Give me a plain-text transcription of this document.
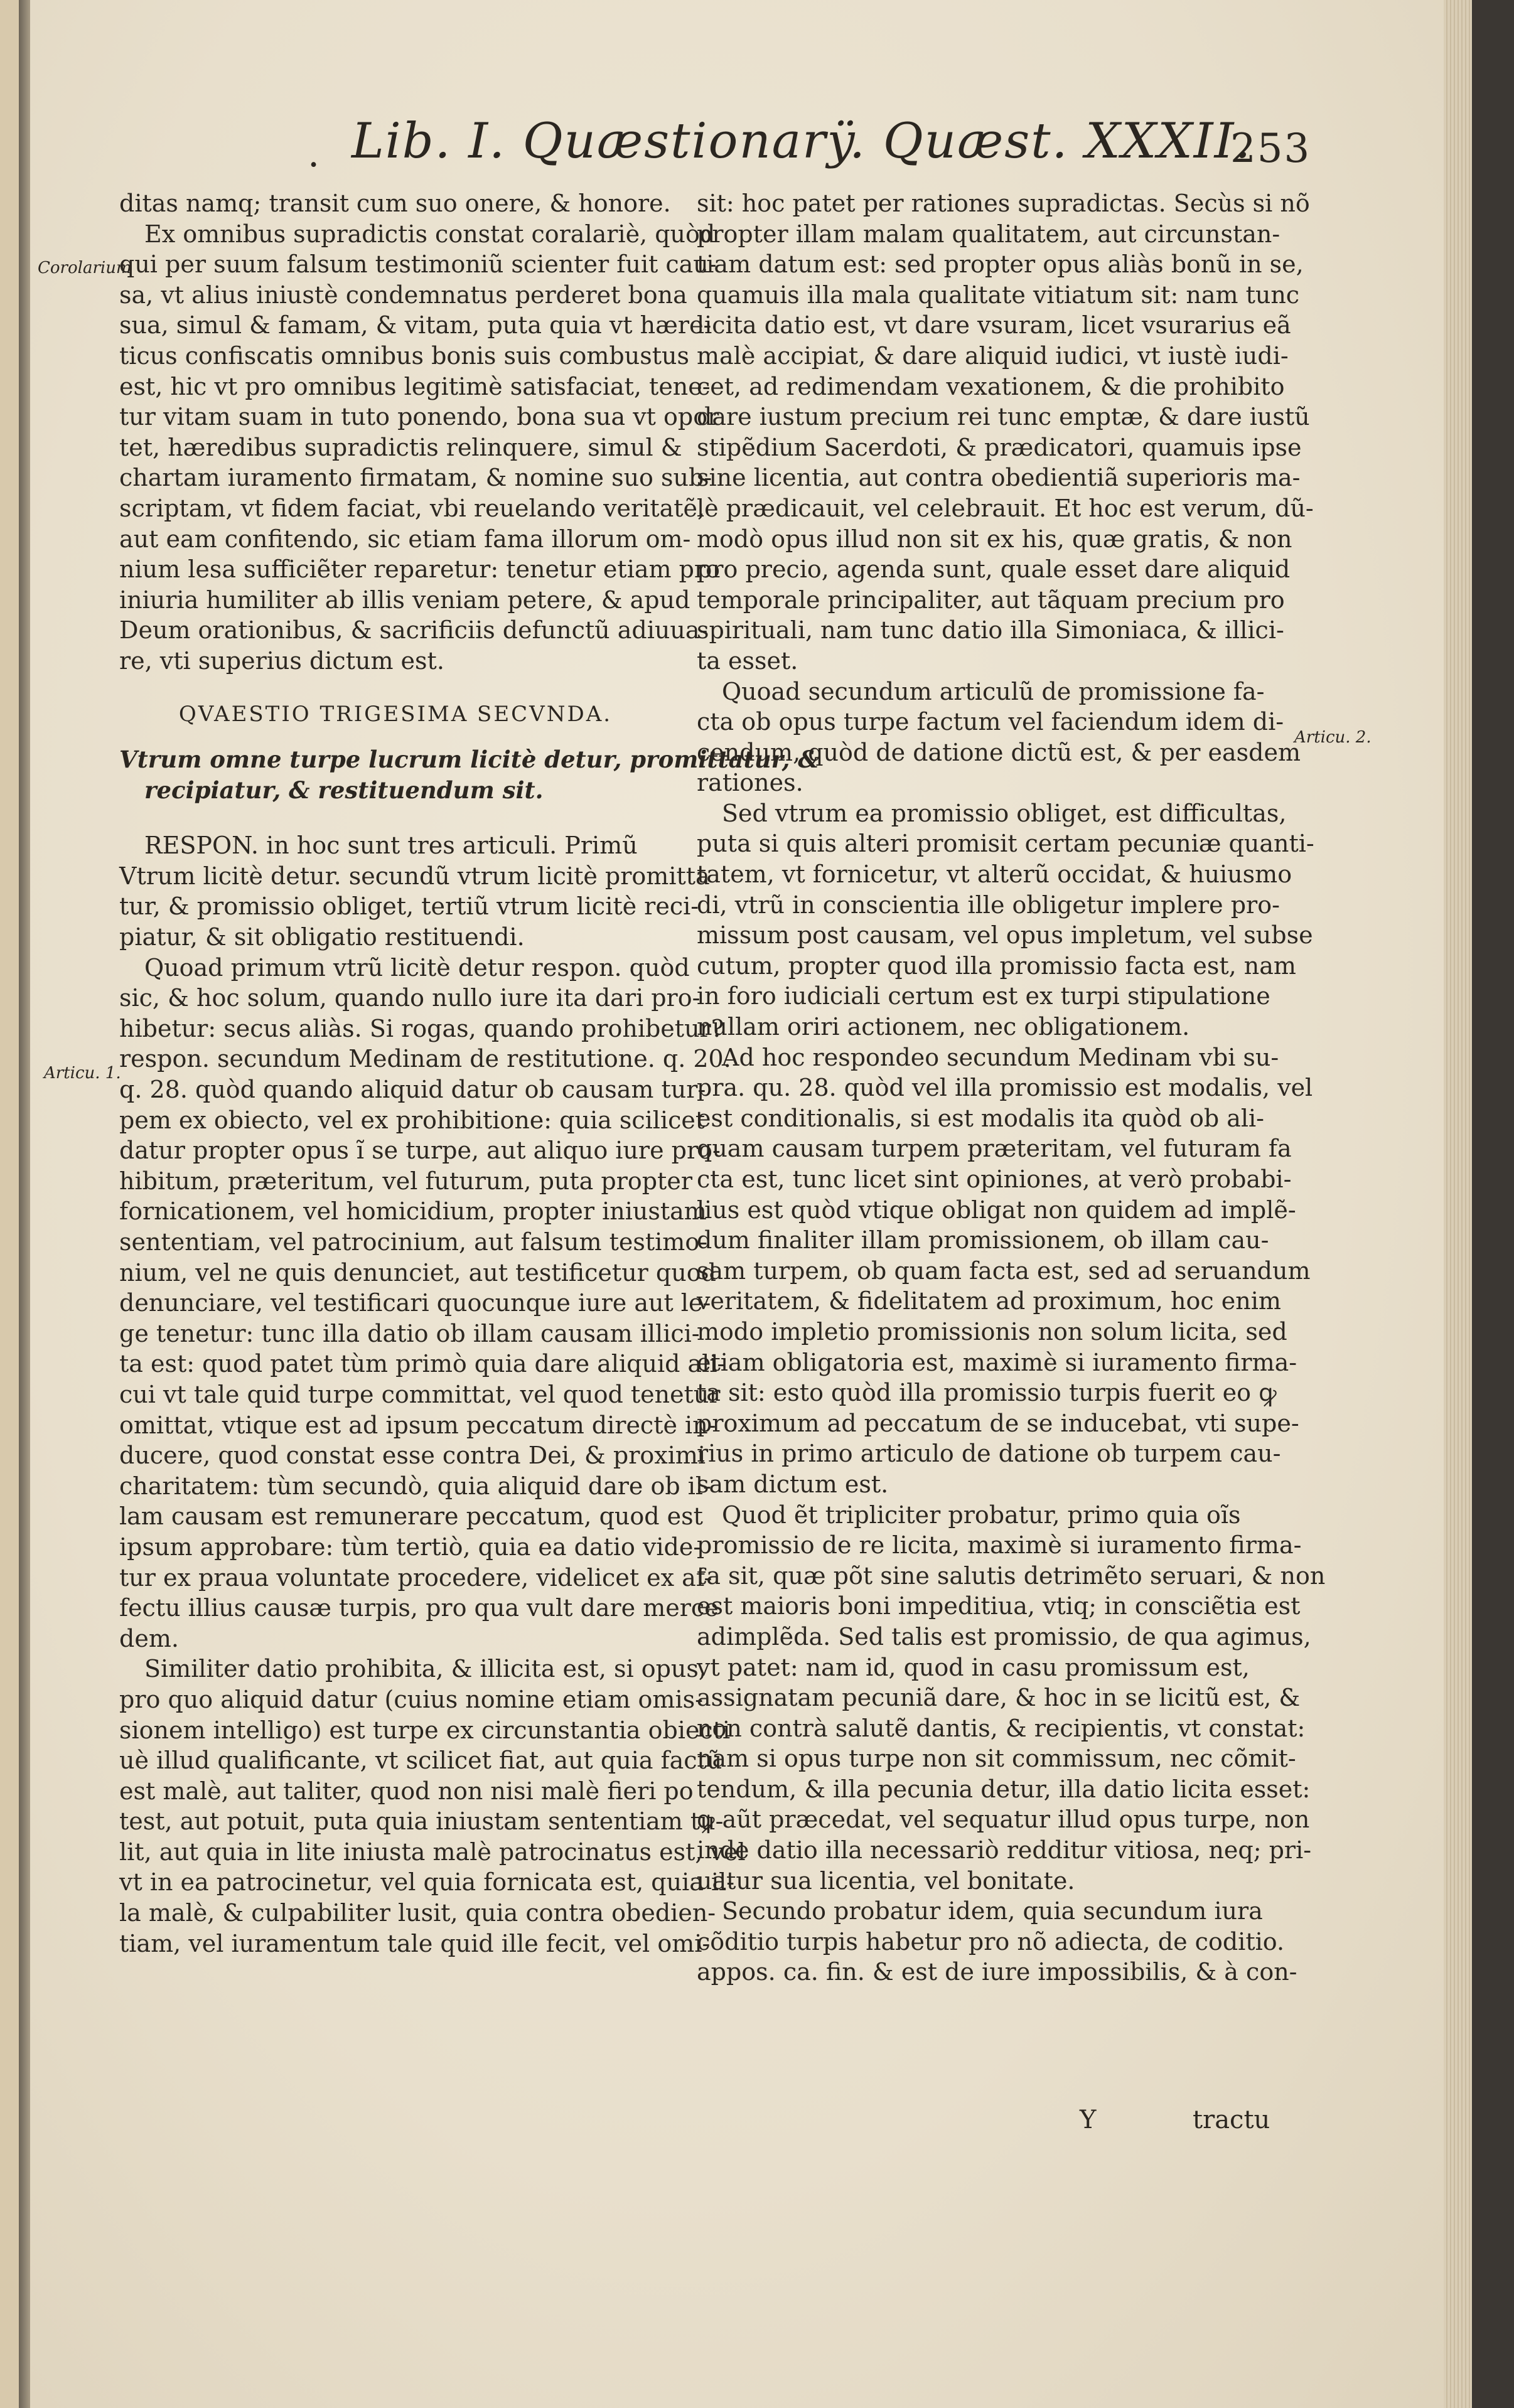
. Lib. I. Quæstionarÿ. Quæst. XXXII.
253
Corolarium
Articu. 1.
Articu. 2.
ditas namq; transit cum suo onere, & honore.
Ex omnibus supradictis constat coralariè, quòd
qui per suum falsum testimoniũ scienter fuit cau-
sa, vt alius iniustè condemnatus perderet bona
sua, simul & famam, & vitam, puta quia vt hære-
ticus confiscatis omnibus bonis suis combustus
est, hic vt pro omnibus legitimè satisfaciat, tene-
tur vitam suam in tuto ponendo, bona sua vt opor
tet, hæredibus supradictis relinquere, simul &
chartam iuramento firmatam, & nomine suo sub-
scriptam, vt fidem faciat, vbi reuelando veritatẽ,
aut eam confitendo, sic etiam fama illorum om-
nium lesa sufficiẽter reparetur: tenetur etiam pro
iniuria humiliter ab illis veniam petere, & apud
Deum orationibus, & sacrificiis defunctũ adiuua-
re, vti superius dictum est.
QVAESTIO TRIGESIMA SECVNDA.
Vtrum omne turpe lucrum licitè detur, promittatur, &
recipiatur, & restituendum sit.
RESPON. in hoc sunt tres articuli. Primũ
Vtrum licitè detur. secundũ vtrum licitè promitta
tur, & promissio obliget, tertiũ vtrum licitè reci-
piatur, & sit obligatio restituendi.
Quoad primum vtrũ licitè detur respon. quòd
sic, & hoc solum, quando nullo iure ita dari pro-
hibetur: secus aliàs. Si rogas, quando prohibetur?
respon. secundum Medinam de restitutione. q. 20.
q. 28. quòd quando aliquid datur ob causam tur-
pem ex obiecto, vel ex prohibitione: quia scilicet
datur propter opus ĩ se turpe, aut aliquo iure pro-
hibitum, præteritum, vel futurum, puta propter
fornicationem, vel homicidium, propter iniustam
sententiam, vel patrocinium, aut falsum testimo-
nium, vel ne quis denunciet, aut testificetur quod
denunciare, vel testificari quocunque iure aut le-
ge tenetur: tunc illa datio ob illam causam illici-
ta est: quod patet tùm primò quia dare aliquid ali-
cui vt tale quid turpe committat, vel quod tenetur
omittat, vtique est ad ipsum peccatum directè in-
ducere, quod constat esse contra Dei, & proximi
charitatem: tùm secundò, quia aliquid dare ob il-
lam causam est remunerare peccatum, quod est
ipsum approbare: tùm tertiò, quia ea datio vide-
tur ex praua voluntate procedere, videlicet ex af-
fectu illius causæ turpis, pro qua vult dare merce
dem.
Similiter datio prohibita, & illicita est, si opus,
pro quo aliquid datur (cuius nomine etiam omis-
sionem intelligo) est turpe ex circunstantia obiecti
uè illud qualificante, vt scilicet fiat, aut quia factũ
est malè, aut taliter, quod non nisi malè fieri po
test, aut potuit, puta quia iniustam sententiam tu-
lit, aut quia in lite iniusta malè patrocinatus est, vel
vt in ea patrocinetur, vel quia fornicata est, quia il-
la malè, & culpabiliter lusit, quia contra obedien-
tiam, vel iuramentum tale quid ille fecit, vel omi-
sit: hoc patet per rationes supradictas. Secùs si nõ
propter illam malam qualitatem, aut circunstan-
tiam datum est: sed propter opus aliàs bonũ in se,
quamuis illa mala qualitate vitiatum sit: nam tunc
licita datio est, vt dare vsuram, licet vsurarius eã
malè accipiat, & dare aliquid iudici, vt iustè iudi-
cet, ad redimendam vexationem, & die prohibito
dare iustum precium rei tunc emptæ, & dare iustũ
stipẽdium Sacerdoti, & prædicatori, quamuis ipse
sine licentia, aut contra obedientiã superioris ma-
lè prædicauit, vel celebrauit. Et hoc est verum, dũ-
modò opus illud non sit ex his, quæ gratis, & non
pro precio, agenda sunt, quale esset dare aliquid
temporale principaliter, aut tãquam precium pro
spirituali, nam tunc datio illa Simoniaca, & illici-
ta esset.
Quoad secundum articulũ de promissione fa-
cta ob opus turpe factum vel faciendum idem di-
cendum, quòd de datione dictũ est, & per easdem
rationes.
Sed vtrum ea promissio obliget, est difficultas,
puta si quis alteri promisit certam pecuniæ quanti-
tatem, vt fornicetur, vt alterũ occidat, & huiusmo
di, vtrũ in conscientia ille obligetur implere pro-
missum post causam, vel opus impletum, vel subse
cutum, propter quod illa promissio facta est, nam
in foro iudiciali certum est ex turpi stipulatione
nullam oriri actionem, nec obligationem.
Ad hoc respondeo secundum Medinam vbi su-
pra. qu. 28. quòd vel illa promissio est modalis, vel
est conditionalis, si est modalis ita quòd ob ali-
quam causam turpem præteritam, vel futuram fa
cta est, tunc licet sint opiniones, at verò probabi-
lius est quòd vtique obligat non quidem ad implẽ-
dum finaliter illam promissionem, ob illam cau-
sam turpem, ob quam facta est, sed ad seruandum
veritatem, & fidelitatem ad proximum, hoc enim
modo impletio promissionis non solum licita, sed
etiam obligatoria est, maximè si iuramento firma-
ta sit: esto quòd illa promissio turpis fuerit eo ꝙ
proximum ad peccatum de se inducebat, vti supe-
rius in primo articulo de datione ob turpem cau-
sam dictum est.
Quod ẽt tripliciter probatur, primo quia oĩs
promissio de re licita, maximè si iuramento firma-
ta sit, quæ põt sine salutis detrimẽto seruari, & non
est maioris boni impeditiua, vtiq; in consciẽtia est
adimplẽda. Sed talis est promissio, de qua agimus,
vt patet: nam id, quod in casu promissum est,
assignatam pecuniã dare, & hoc in se licitũ est, &
non contrà salutẽ dantis, & recipientis, vt constat:
nam si opus turpe non sit commissum, nec cõmit-
tendum, & illa pecunia detur, illa datio licita esset:
ꝙ aũt præcedat, vel sequatur illud opus turpe, non
inde datio illa necessariò redditur vitiosa, neq; pri-
uatur sua licentia, vel bonitate.
Secundo probatur idem, quia secundum iura
cõditio turpis habetur pro nõ adiecta, de coditio.
appos. ca. fin. & est de iure impossibilis, & à con-
Y	tractu
